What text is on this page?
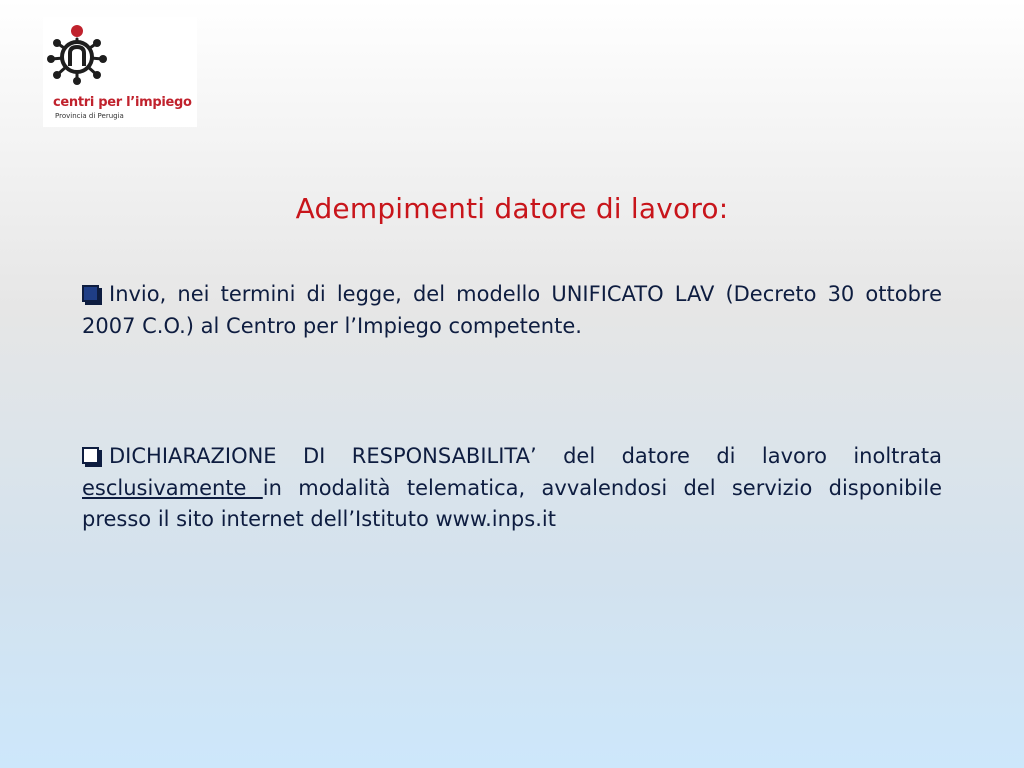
centri per l’impiego
Provincia di Perugia
Adempimenti datore di lavoro:
Invio, nei termini di legge, del modello UNIFICATO LAV (Decreto 30 ottobre 2007 C.O.) al Centro per l’Impiego competente.
DICHIARAZIONE DI RESPONSABILITA’ del datore di lavoro inoltrata esclusivamente in modalità telematica, avvalendosi del servizio disponibile presso il sito internet dell’Istituto www.inps.it
